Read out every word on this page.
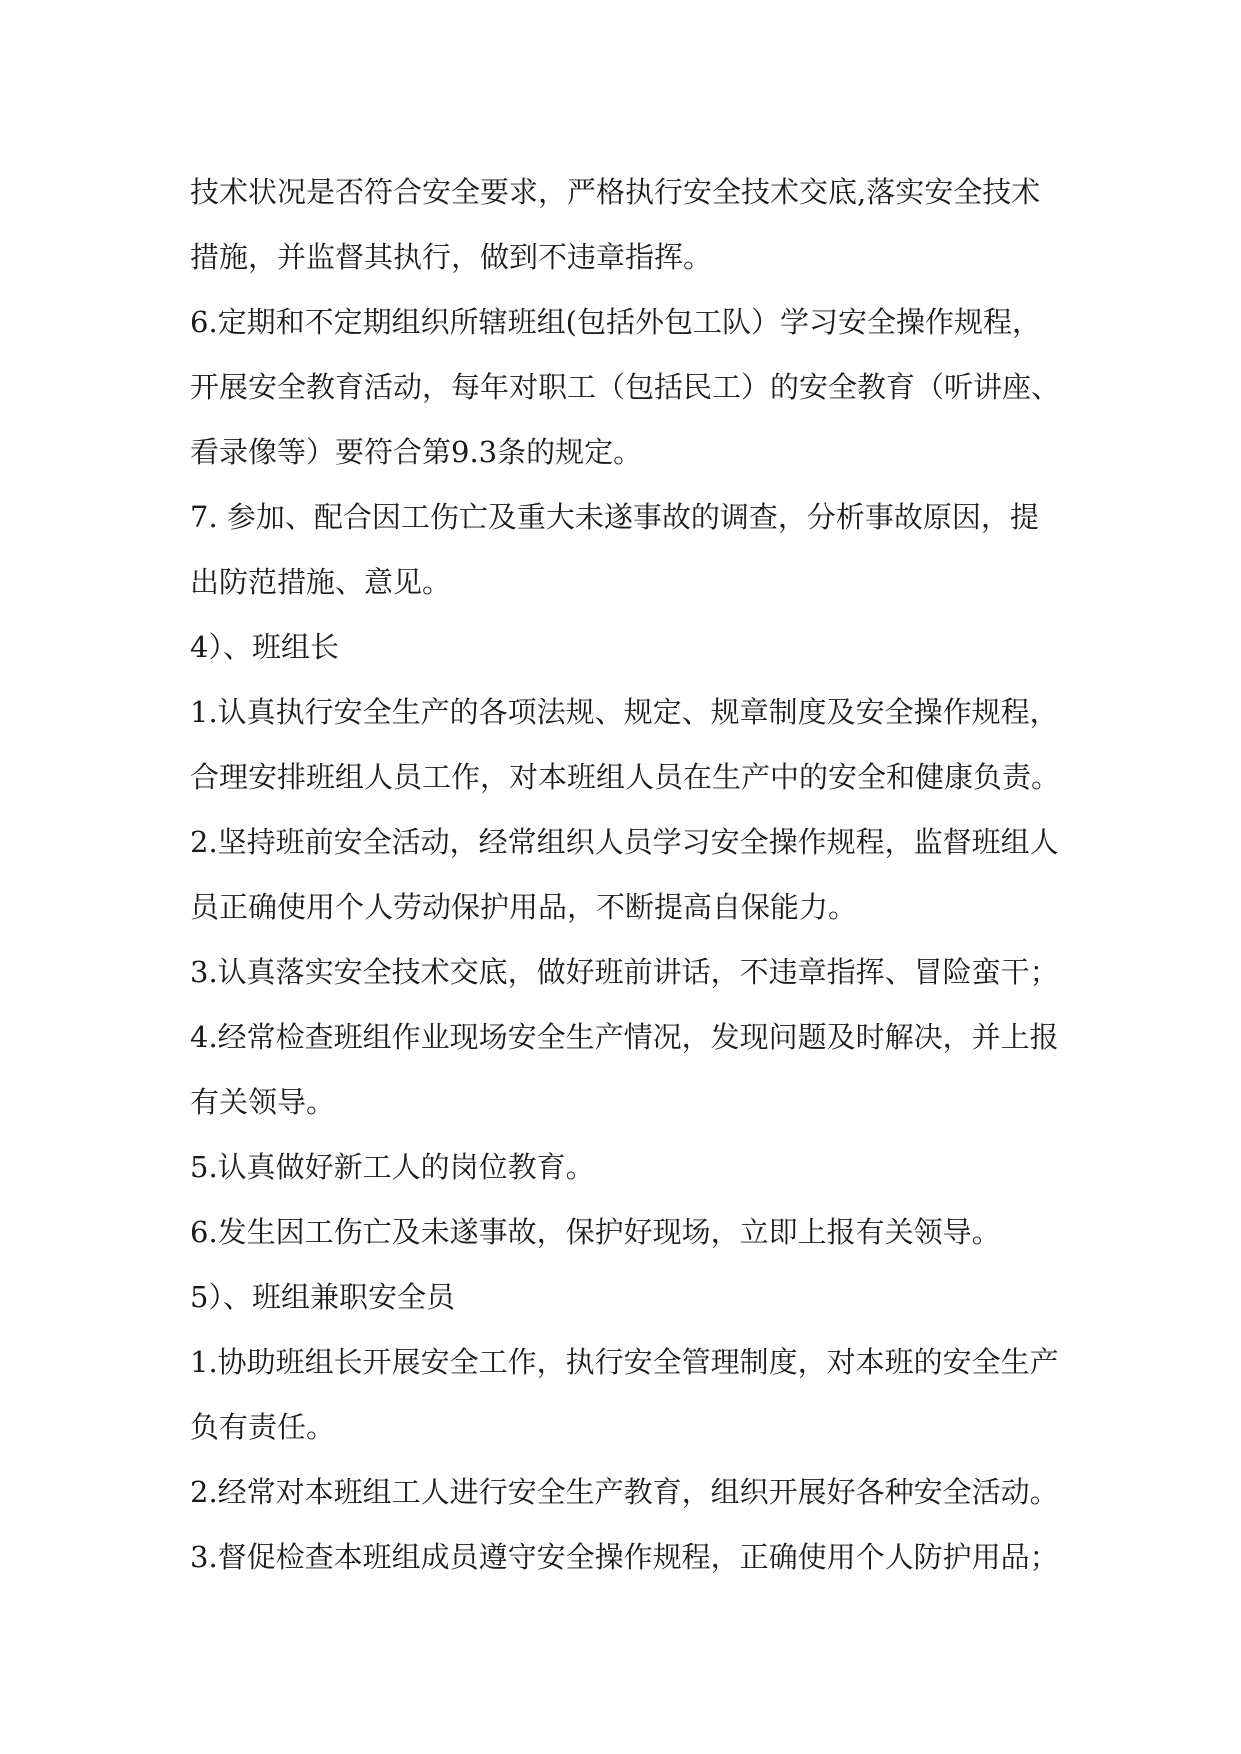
技术状况是否符合安全要求，严格执行安全技术交底,落实安全技术

措施，并监督其执行，做到不违章指挥。

6.定期和不定期组织所辖班组(包括外包工队）学习安全操作规程，

开展安全教育活动，每年对职工（包括民工）的安全教育（听讲座、

看录像等）要符合第9.3条的规定。

7. 参加、配合因工伤亡及重大未遂事故的调查，分析事故原因，提

出防范措施、意见。

4）、班组长

1.认真执行安全生产的各项法规、规定、规章制度及安全操作规程，

合理安排班组人员工作，对本班组人员在生产中的安全和健康负责。

2.坚持班前安全活动，经常组织人员学习安全操作规程，监督班组人

员正确使用个人劳动保护用品，不断提高自保能力。

3.认真落实安全技术交底，做好班前讲话，不违章指挥、冒险蛮干；

4.经常检查班组作业现场安全生产情况，发现问题及时解决，并上报

有关领导。

5.认真做好新工人的岗位教育。

6.发生因工伤亡及未遂事故，保护好现场，立即上报有关领导。

5）、班组兼职安全员

1.协助班组长开展安全工作，执行安全管理制度，对本班的安全生产

负有责任。

2.经常对本班组工人进行安全生产教育，组织开展好各种安全活动。

3.督促检查本班组成员遵守安全操作规程，正确使用个人防护用品；
